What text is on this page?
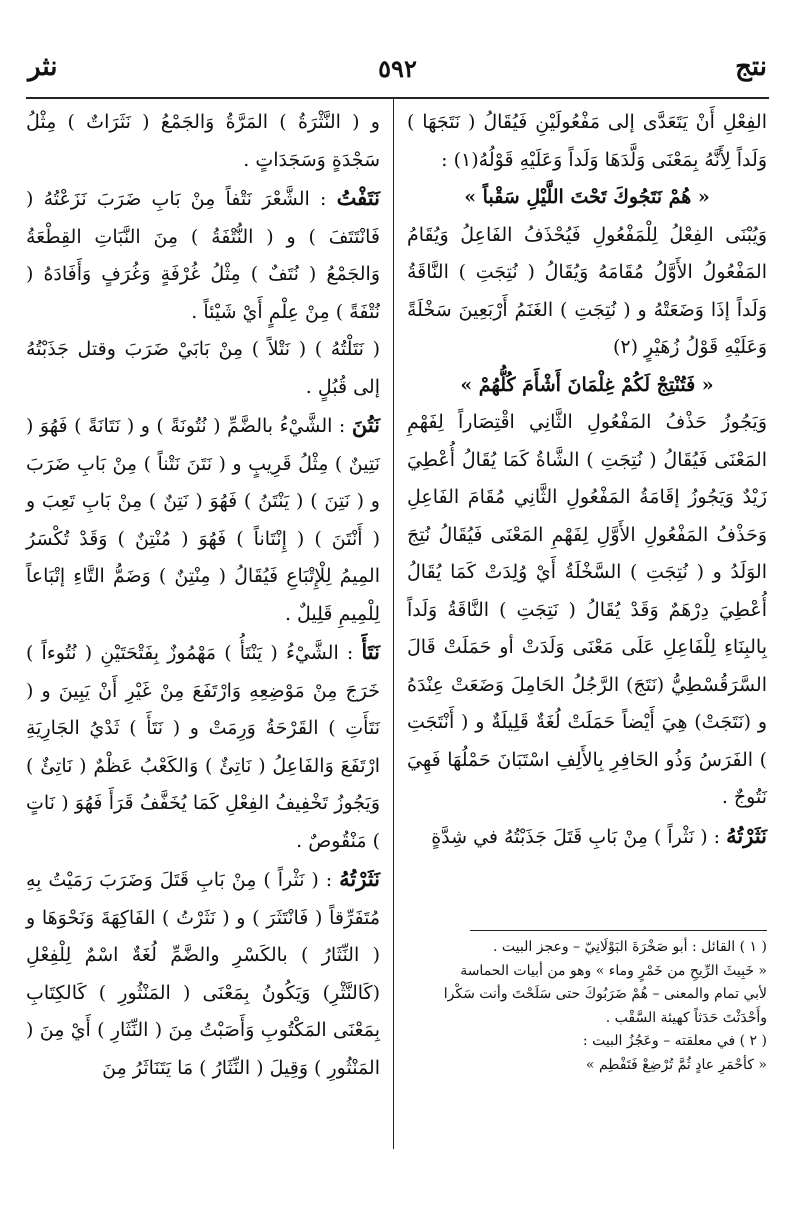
نتج
٥٩٢
نثر

الفِعْلِ أَنْ يَتَعَدَّى إلى مَفْعُولَيْنِ فَيُقَالُ ( نَتَجَهَا ) وَلَداً لِأَنَّهُ بِمَعْنَى وَلَّدَهَا وَلَداً وَعَلَيْهِ قَوْلُهُ(١) :

« هُمْ نَتَجُوكَ تَحْتَ اللَّيْلِ سَقْباً »

وَيُبْنَى الفِعْلُ لِلْمَفْعُولِ فَيُحْذَفُ الفَاعِلُ وَيُقَامُ المَفْعُولُ الأَوَّلُ مُقَامَهُ وَيُقَالُ ( نُتِجَتِ ) النَّاقَةُ وَلَداً إذَا وَضَعَتْهُ و ( نُتِجَتِ ) الغَنَمُ أَرْبَعِينَ سَخْلَةً وَعَلَيْهِ قَوْلُ زُهَيْرٍ (٢)

« فَتُنْتِجْ لَكُمْ غِلْمَانَ أَشْأَمَ كُلُّهُمْ »

وَيَجُوزُ حَذْفُ المَفْعُولِ الثَّانِي اقْتِصَاراً لِفَهْمِ المَعْنَى فَيُقَالُ ( نُتِجَتِ ) الشَّاةُ كَمَا يُقَالُ أُعْطِيَ زَيْدٌ وَيَجُوزُ إقَامَةُ المَفْعُولِ الثَّانِي مُقَامَ الفَاعِلِ وَحَذْفُ المَفْعُولِ الأَوَّلِ لِفَهْمِ المَعْنَى فَيُقَالُ نُتِجَ الوَلَدُ و ( نُتِجَتِ ) السَّخْلَةُ أَيْ وُلِدَتْ كَمَا يُقَالُ أُعْطِيَ دِرْهَمٌ وَقَدْ يُقَالُ ( نَتِجَتِ ) النَّاقَةُ وَلَداً بِالبِنَاءِ لِلْفَاعِلِ عَلَى مَعْنَى وَلَدَتْ أو حَمَلَتْ قَالَ السَّرَقُسْطِيُّ (نَتَجَ) الرَّجُلُ الحَامِلَ وَضَعَتْ عِنْدَهُ و (نَتَجَتْ) هِيَ أَيْضاً حَمَلَتْ لُغَةٌ قَلِيلَةٌ و ( أَنْتَجَتِ ) الفَرَسُ وَذُو الحَافِرِ بِالأَلِفِ اسْتَبَانَ حَمْلُهَا فَهِيَ نَتُوجٌ .

نَثَرْتُهُ : ( نَثْراً ) مِنْ بَابِ قَتَلَ جَذَبْتُهُ في شِدَّةٍ

( ١ ) القائل : أبو صَخْرَةَ البَوْلَانِيّ – وعجز البيت .

« خَبِيثَ الرِّيحِ من خَمْرٍ وماء » وهو من أبيات الحماسة

لأبي تمام والمعنى – هُمْ ضَرَبُوكَ حتى سَلَحْتَ وأنت سَكْرا

وأَحْدَثْتَ حَدَثاً كهيئة السَّقْب .

( ٢ ) في معلقته – وعَجُزُ البيت :

« كأحْمَرِ عادٍ ثُمَّ تُرْضِعْ فَتَفْطِم »

و ( النَّثْرَةُ ) المَرَّةُ وَالجَمْعُ ( نَثَرَاتٌ ) مِثْلُ سَجْدَةٍ وَسَجَدَاتٍ .

نَتَفْتُ : الشَّعْرَ نَتْفاً مِنْ بَابِ ضَرَبَ نَزَعْتُهُ ( فَانْتَتَفَ ) و ( النُّتْفَةُ ) مِنَ النَّبَاتِ القِطْعَةُ وَالجَمْعُ ( نُتَفٌ ) مِثْلُ غُرْفَةٍ وَغُرَفٍ وَأَفَادَهُ ( نُتْفَةً ) مِنْ عِلْمٍ أَيْ شَيْئاً .

( نَتَلْتُهُ ) ( نَتْلاً ) مِنْ بَابَيْ ضَرَبَ وقتل جَذَبْتُهُ إلى قُبُلٍ .

نَتُنَ : الشَّيْءُ بالضَّمِّ ( نُتُونَةً ) و ( نَتَانَةً ) فَهُوَ ( نَتِينٌ ) مِثْلُ قَرِيبٍ و ( نَتَنَ نَتْناً ) مِنْ بَابِ ضَرَبَ و ( نَتِنَ ) ( يَنْتَنُ ) فَهُوَ ( نَتِنٌ ) مِنْ بَابِ تَعِبَ و ( أَنْتَنَ ) ( إِنْتَاناً ) فَهُوَ ( مُنْتِنٌ ) وَقَدْ تُكْسَرُ المِيمُ لِلْإِتْبَاعِ فَيُقَالُ ( مِنْتِنٌ ) وَضَمُّ التَّاءِ إتْبَاعاً لِلْمِيمِ قَلِيلٌ .

نَتَأَ : الشَّيْءُ ( يَنْتَأُ ) مَهْمُوزٌ بِفَتْحَتَيْنِ ( نُتُوءاً ) خَرَجَ مِنْ مَوْضِعِهِ وَارْتَفَعَ مِنْ غَيْرِ أَنْ يَبِينَ و ( نَتَأَتِ ) القَرْحَةُ وَرِمَتْ و ( نَتَأَ ) ثَدْيُ الجَارِيَةِ ارْتَفَعَ وَالفَاعِلُ ( نَاتِئٌ ) وَالكَعْبُ عَظْمٌ ( نَاتِئٌ ) وَيَجُوزُ تَخْفِيفُ الفِعْلِ كَمَا يُخَفَّفُ قَرَأَ فَهُوَ ( نَاتٍ ) مَنْقُوصٌ .

نَثَرْتُهُ : ( نَثْراً ) مِنْ بَابِ قَتَلَ وَضَرَبَ رَمَيْتُ بِهِ مُتَفَرِّقاً ( فَانْتَثَرَ ) و ( نَثَرْتُ ) الفَاكِهَةَ وَنَحْوَهَا و ( النِّثَارُ ) بالكَسْرِ والضَّمِّ لُغَةٌ اسْمٌ لِلْفِعْلِ (كَالنَّثْرِ) وَيَكُونُ بِمَعْنَى ( المَنْثُورِ ) كَالكِتَابِ بِمَعْنَى المَكْتُوبِ وَأَصَبْتُ مِنَ ( النِّثَارِ ) أَيْ مِنَ ( المَنْثُورِ ) وَقِيلَ ( النِّثَارُ ) مَا يَتَنَاثَرُ مِنَ
